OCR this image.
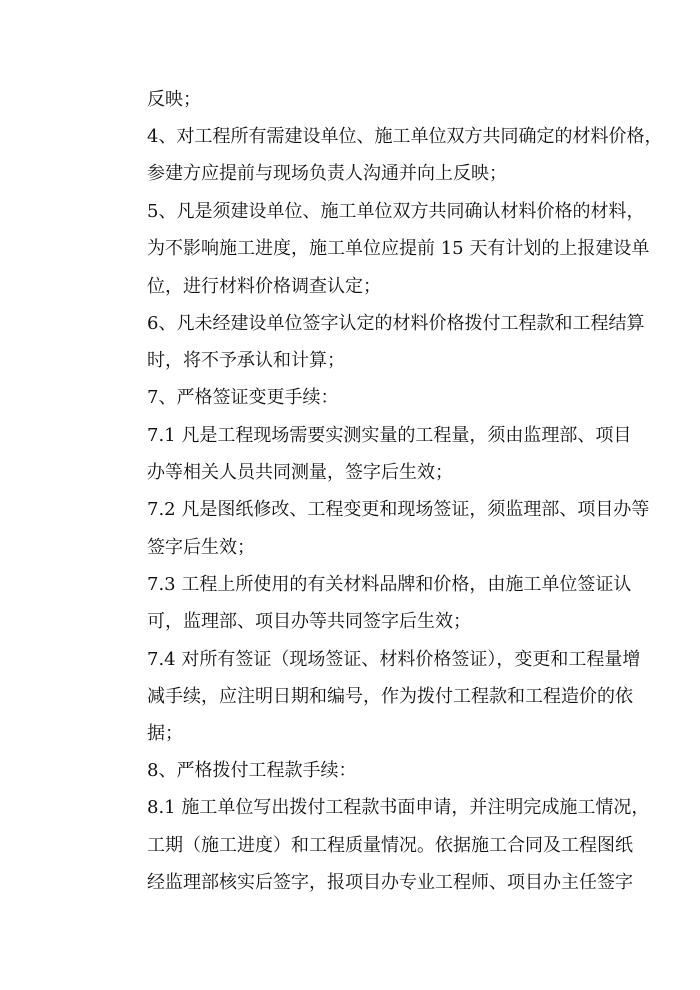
反映；
4、对工程所有需建设单位、施工单位双方共同确定的材料价格，
参建方应提前与现场负责人沟通并向上反映；
5、凡是须建设单位、施工单位双方共同确认材料价格的材料，
为不影响施工进度，施工单位应提前 15 天有计划的上报建设单
位，进行材料价格调查认定；
6、凡未经建设单位签字认定的材料价格拨付工程款和工程结算
时，将不予承认和计算；
7、严格签证变更手续：
7.1 凡是工程现场需要实测实量的工程量，须由监理部、项目
办等相关人员共同测量，签字后生效；
7.2 凡是图纸修改、工程变更和现场签证，须监理部、项目办等
签字后生效；
7.3 工程上所使用的有关材料品牌和价格，由施工单位签证认
可，监理部、项目办等共同签字后生效；
7.4 对所有签证（现场签证、材料价格签证），变更和工程量增
减手续，应注明日期和编号，作为拨付工程款和工程造价的依
据；
8、严格拨付工程款手续：
8.1 施工单位写出拨付工程款书面申请，并注明完成施工情况，
工期（施工进度）和工程质量情况。依据施工合同及工程图纸
经监理部核实后签字，报项目办专业工程师、项目办主任签字
